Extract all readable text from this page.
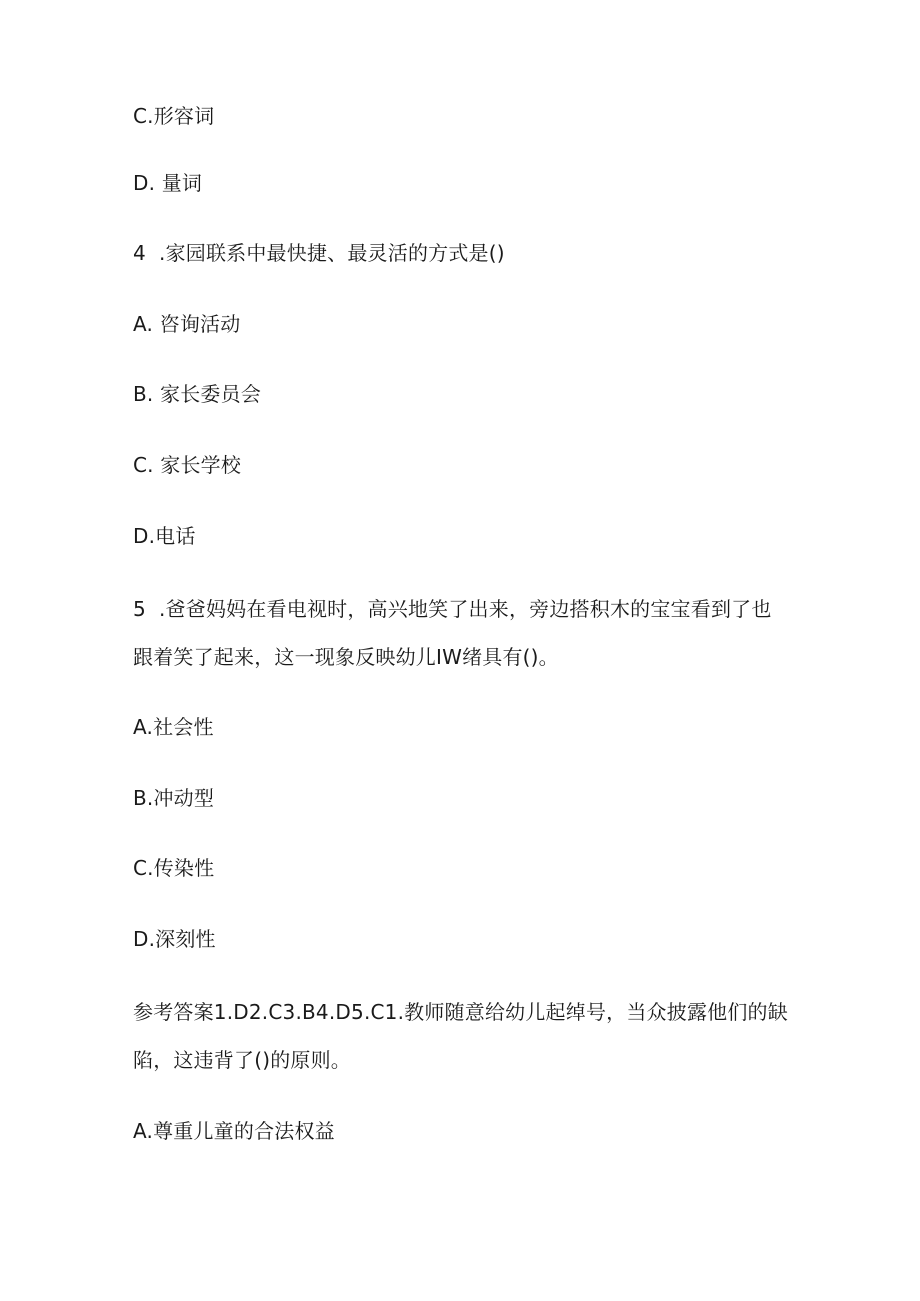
C.形容词
D. 量词
4 .家园联系中最快捷、最灵活的方式是()
A. 咨询活动
B. 家长委员会
C. 家长学校
D.电话
5 .爸爸妈妈在看电视时，高兴地笑了出来，旁边搭积木的宝宝看到了也
跟着笑了起来，这一现象反映幼儿IW绪具有()。
A.社会性
B.冲动型
C.传染性
D.深刻性
参考答案1.D2.C3.B4.D5.C1.教师随意给幼儿起绰号，当众披露他们的缺
陷，这违背了()的原则。
A.尊重儿童的合法权益
